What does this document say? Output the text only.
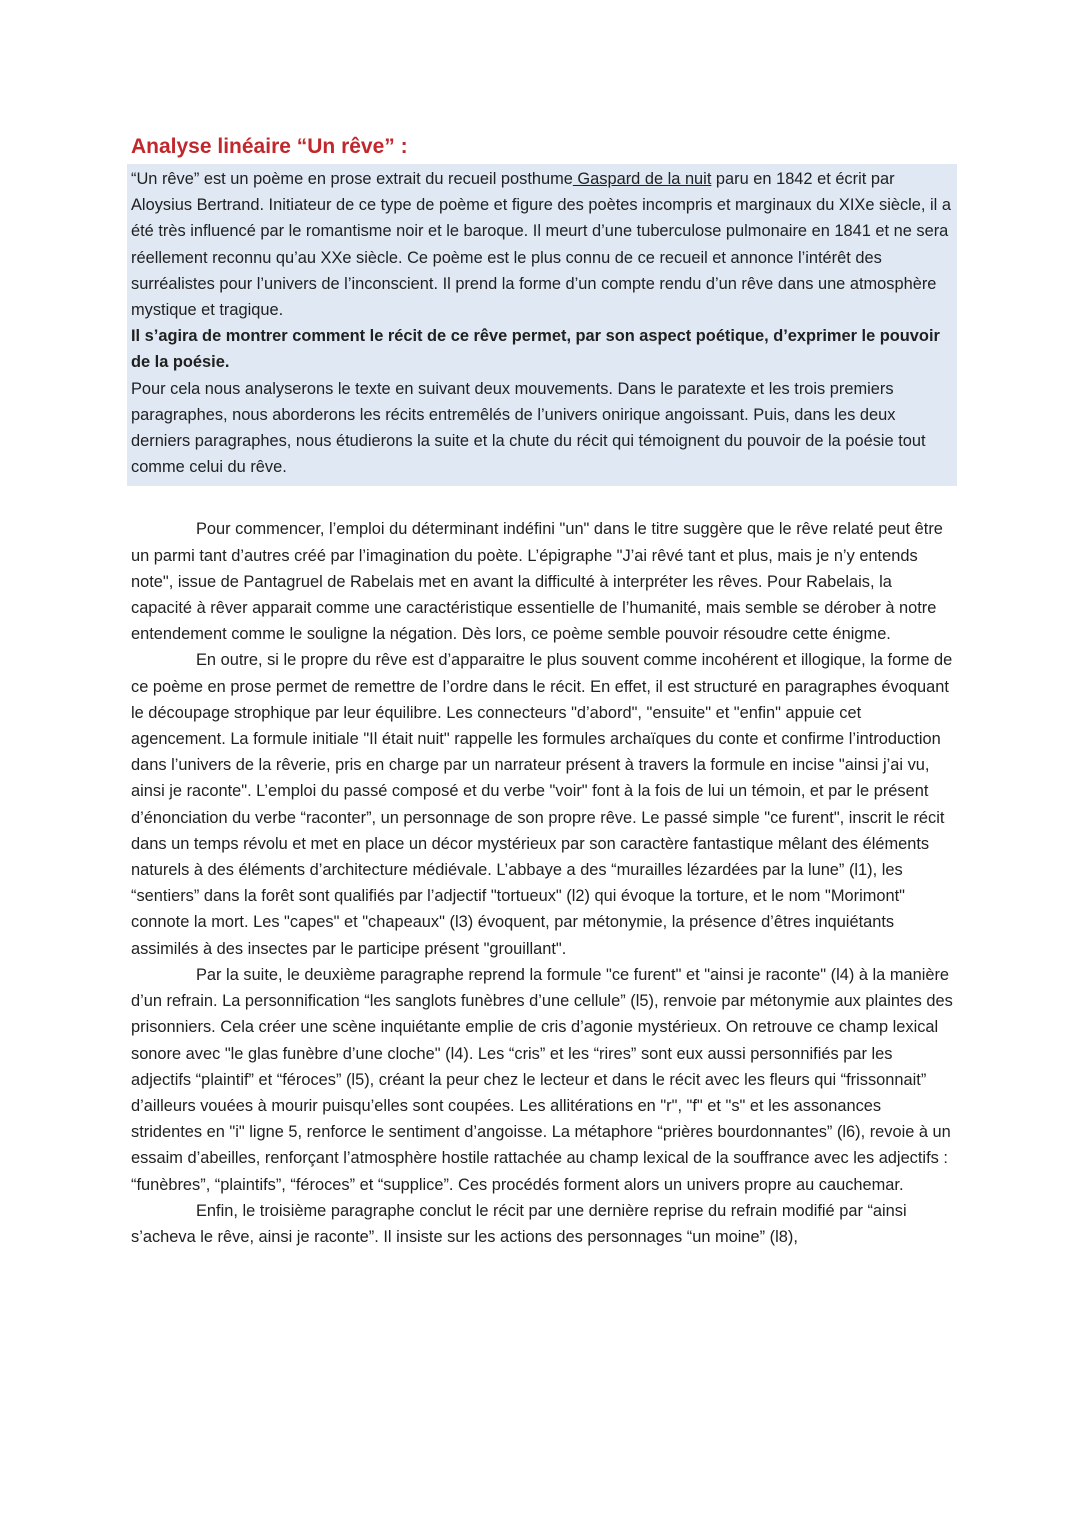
Analyse linéaire “Un rêve” :

“Un rêve” est un poème en prose extrait du recueil posthume Gaspard de la nuit paru en 1842 et écrit par Aloysius Bertrand. Initiateur de ce type de poème et figure des poètes incompris et marginaux du XIXe siècle, il a été très influencé par le romantisme noir et le baroque. Il meurt d’une tuberculose pulmonaire en 1841 et ne sera réellement reconnu qu’au XXe siècle. Ce poème est le plus connu de ce recueil et annonce l’intérêt des surréalistes pour l’univers de l’inconscient. Il prend la forme d’un compte rendu d’un rêve dans une atmosphère mystique et tragique.

Il s’agira de montrer comment le récit de ce rêve permet, par son aspect poétique, d’exprimer le pouvoir de la poésie.

Pour cela nous analyserons le texte en suivant deux mouvements. Dans le paratexte et les trois premiers paragraphes, nous aborderons les récits entremêlés de l’univers onirique angoissant. Puis, dans les deux derniers paragraphes, nous étudierons la suite et la chute du récit qui témoignent du pouvoir de la poésie tout comme celui du rêve.

Pour commencer, l’emploi du déterminant indéfini "un" dans le titre suggère que le rêve relaté peut être un parmi tant d’autres créé par l’imagination du poète. L’épigraphe "J’ai rêvé tant et plus, mais je n’y entends note", issue de Pantagruel de Rabelais met en avant la difficulté à interpréter les rêves. Pour Rabelais, la capacité à rêver apparait comme une caractéristique essentielle de l’humanité, mais semble se dérober à notre entendement comme le souligne la négation. Dès lors, ce poème semble pouvoir résoudre cette énigme.

En outre, si le propre du rêve est d’apparaitre le plus souvent comme incohérent et illogique, la forme de ce poème en prose permet de remettre de l’ordre dans le récit. En effet, il est structuré en paragraphes évoquant le découpage strophique par leur équilibre. Les connecteurs "d’abord", "ensuite" et "enfin" appuie cet agencement. La formule initiale "Il était nuit" rappelle les formules archaïques du conte et confirme l’introduction dans l’univers de la rêverie, pris en charge par un narrateur présent à travers la formule en incise "ainsi j’ai vu, ainsi je raconte". L’emploi du passé composé et du verbe "voir" font à la fois de lui un témoin, et par le présent d’énonciation du verbe “raconter”, un personnage de son propre rêve. Le passé simple "ce furent", inscrit le récit dans un temps révolu et met en place un décor mystérieux par son caractère fantastique mêlant des éléments naturels à des éléments d’architecture médiévale. L’abbaye a des “murailles lézardées par la lune” (l1), les “sentiers” dans la forêt sont qualifiés par l’adjectif "tortueux" (l2) qui évoque la torture, et le nom "Morimont" connote la mort. Les "capes" et "chapeaux" (l3) évoquent, par métonymie, la présence d’êtres inquiétants assimilés à des insectes par le participe présent "grouillant".

Par la suite, le deuxième paragraphe reprend la formule "ce furent" et "ainsi je raconte" (l4) à la manière d’un refrain. La personnification “les sanglots funèbres d’une cellule” (l5), renvoie par métonymie aux plaintes des prisonniers. Cela créer une scène inquiétante emplie de cris d’agonie mystérieux. On retrouve ce champ lexical sonore avec "le glas funèbre d’une cloche" (l4). Les “cris” et les “rires” sont eux aussi personnifiés par les adjectifs “plaintif” et “féroces” (l5), créant la peur chez le lecteur et dans le récit avec les fleurs qui “frissonnait” d’ailleurs vouées à mourir puisqu’elles sont coupées. Les allitérations en "r", "f" et "s" et les assonances stridentes en "i" ligne 5, renforce le sentiment d’angoisse. La métaphore “prières bourdonnantes” (l6), revoie à un essaim d’abeilles, renforçant l’atmosphère hostile rattachée au champ lexical de la souffrance avec les adjectifs : “funèbres”, “plaintifs”, “féroces” et “supplice”. Ces procédés forment alors un univers propre au cauchemar.

Enfin, le troisième paragraphe conclut le récit par une dernière reprise du refrain modifié par “ainsi s’acheva le rêve, ainsi je raconte”. Il insiste sur les actions des personnages “un moine” (l8),
